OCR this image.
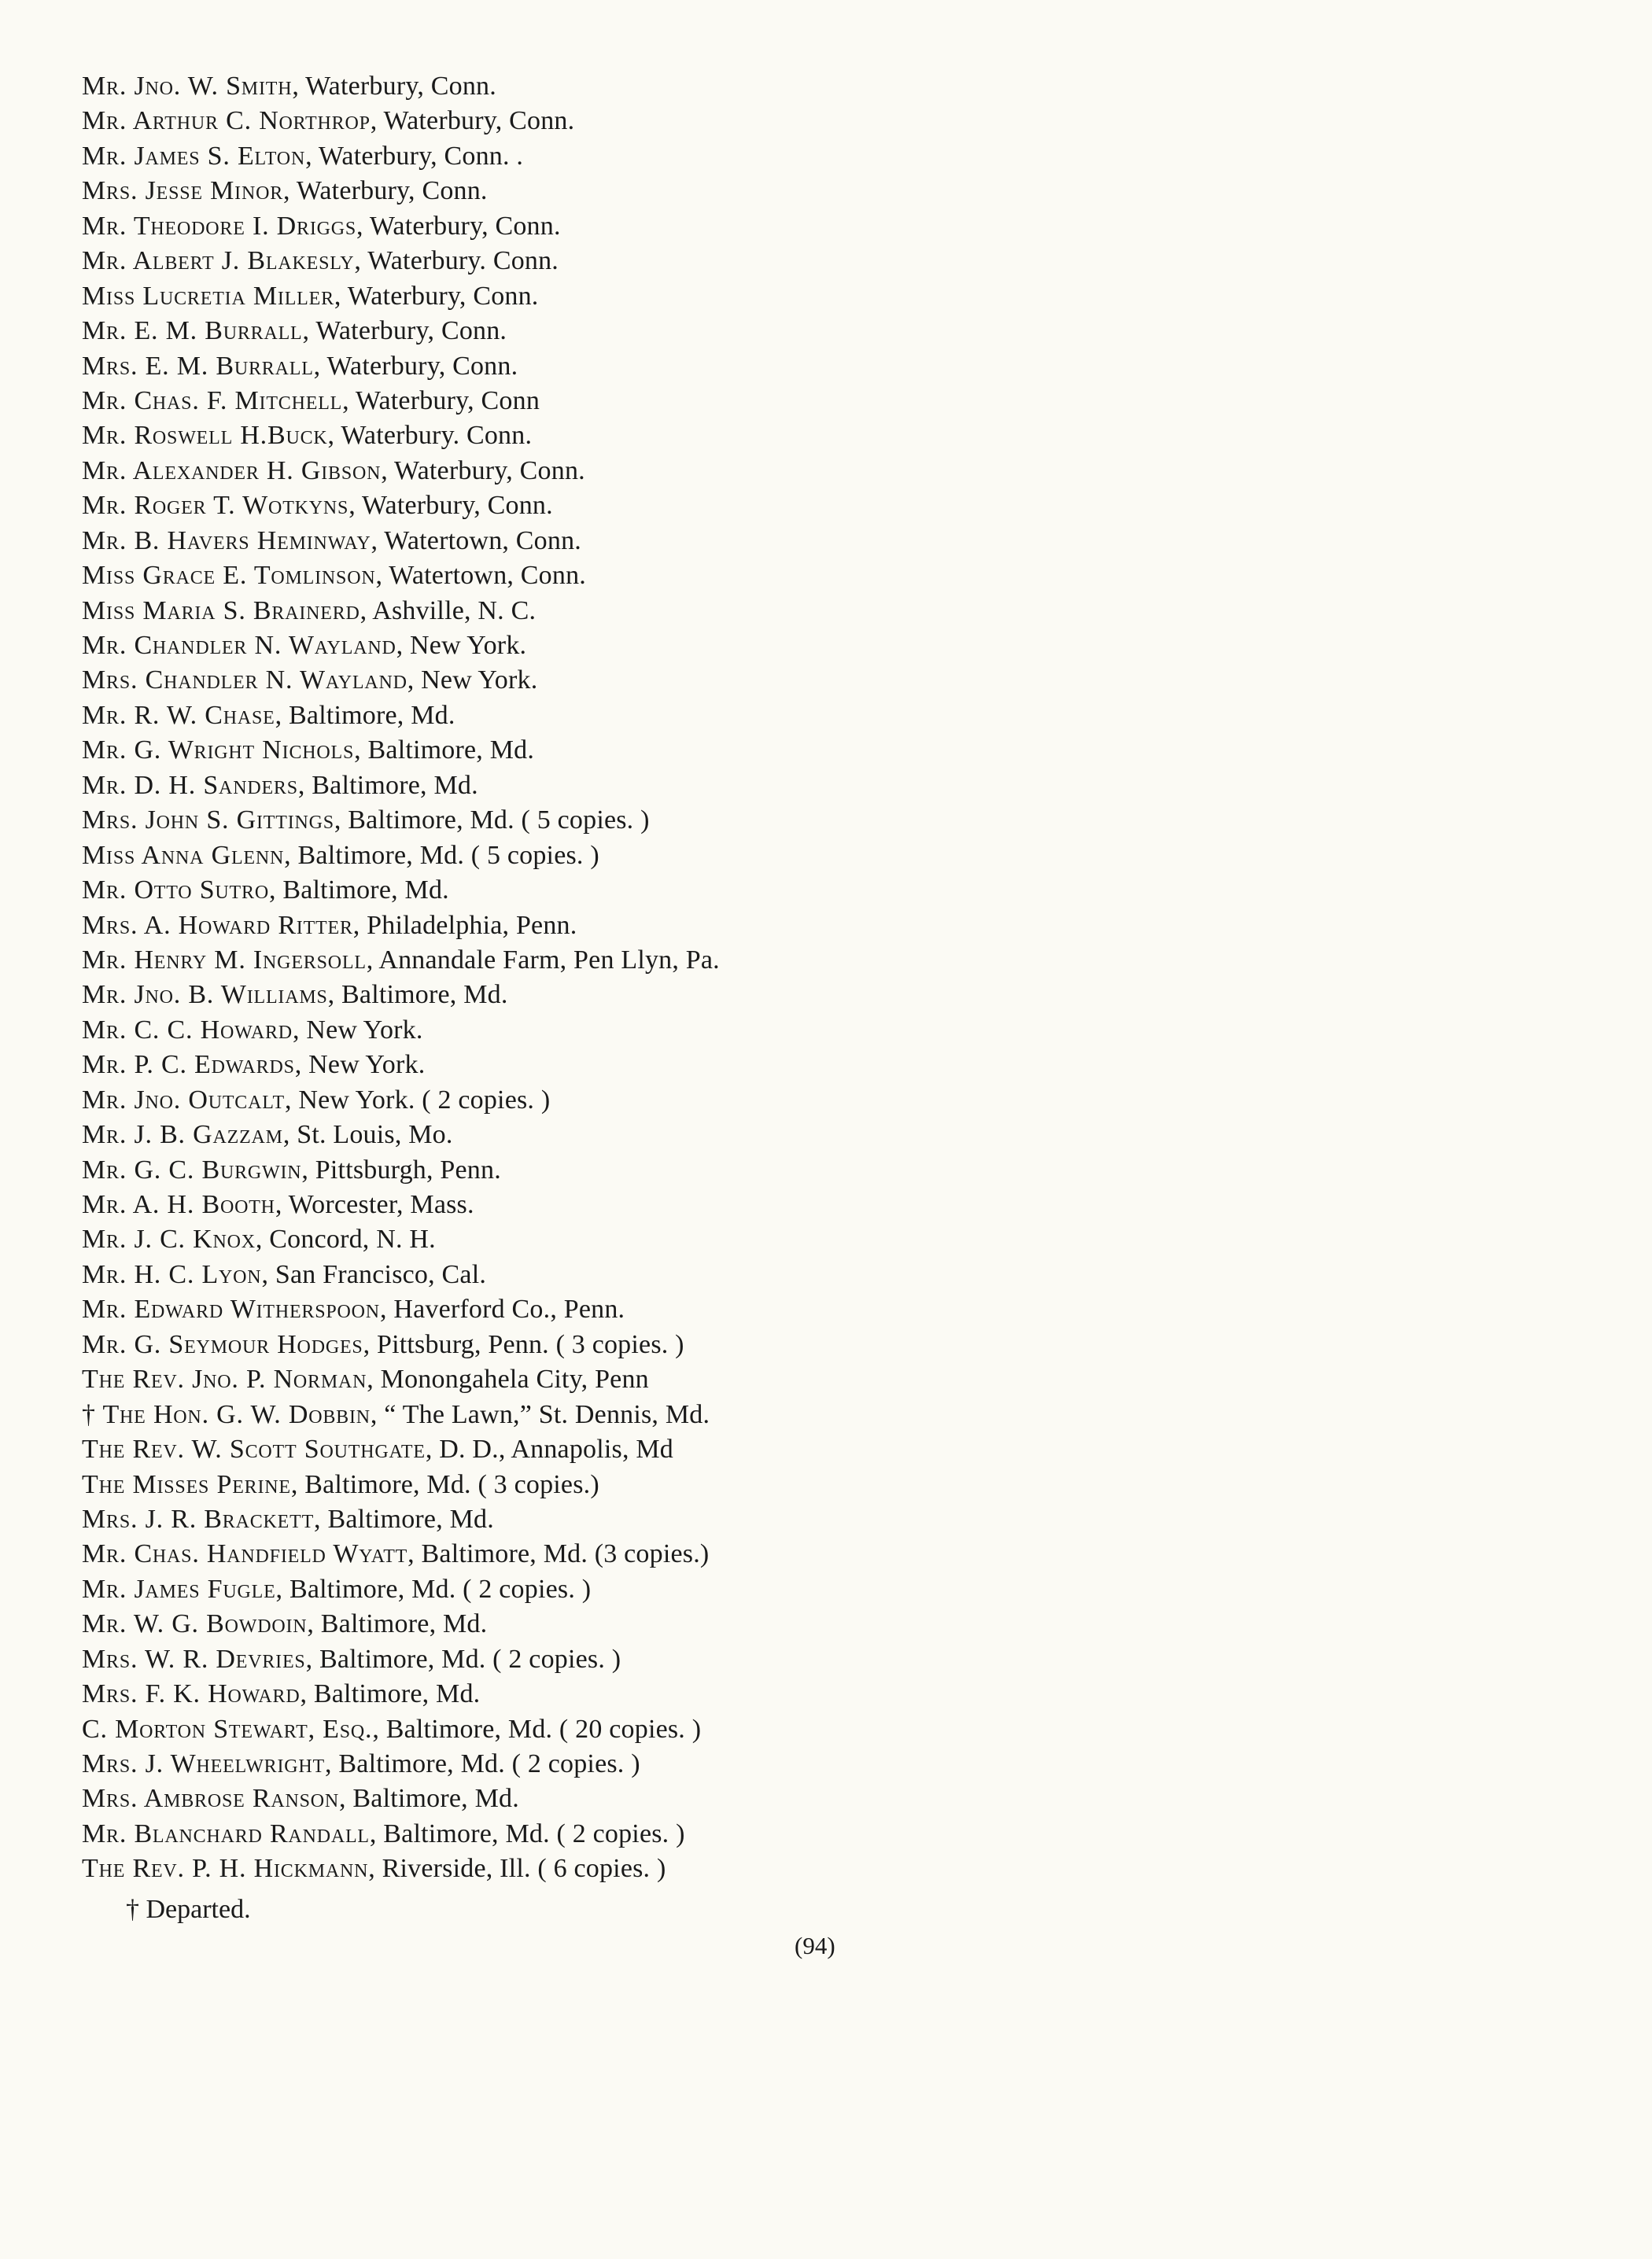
Mr. Jno. W. Smith, Waterbury, Conn.
Mr. Arthur C. Northrop, Waterbury, Conn.
Mr. James S. Elton, Waterbury, Conn. .
Mrs. Jesse Minor, Waterbury, Conn.
Mr. Theodore I. Driggs, Waterbury, Conn.
Mr. Albert J. Blakesly, Waterbury. Conn.
Miss Lucretia Miller, Waterbury, Conn.
Mr. E. M. Burrall, Waterbury, Conn.
Mrs. E. M. Burrall, Waterbury, Conn.
Mr. Chas. F. Mitchell, Waterbury, Conn
Mr. Roswell H.Buck, Waterbury. Conn.
Mr. Alexander H. Gibson, Waterbury, Conn.
Mr. Roger T. Wotkyns, Waterbury, Conn.
Mr. B. Havers Heminway, Watertown, Conn.
Miss Grace E. Tomlinson, Watertown, Conn.
Miss Maria S. Brainerd, Ashville, N. C.
Mr. Chandler N. Wayland, New York.
Mrs. Chandler N. Wayland, New York.
Mr. R. W. Chase, Baltimore, Md.
Mr. G. Wright Nichols, Baltimore, Md.
Mr. D. H. Sanders, Baltimore, Md.
Mrs. John S. Gittings, Baltimore, Md. ( 5 copies. )
Miss Anna Glenn, Baltimore, Md. ( 5 copies. )
Mr. Otto Sutro, Baltimore, Md.
Mrs. A. Howard Ritter, Philadelphia, Penn.
Mr. Henry M. Ingersoll, Annandale Farm, Pen Llyn, Pa.
Mr. Jno. B. Williams, Baltimore, Md.
Mr. C. C. Howard, New York.
Mr. P. C. Edwards, New York.
Mr. Jno. Outcalt, New York. ( 2 copies. )
Mr. J. B. Gazzam, St. Louis, Mo.
Mr. G. C. Burgwin, Pittsburgh, Penn.
Mr. A. H. Booth, Worcester, Mass.
Mr. J. C. Knox, Concord, N. H.
Mr. H. C. Lyon, San Francisco, Cal.
Mr. Edward Witherspoon, Haverford Co., Penn.
Mr. G. Seymour Hodges, Pittsburg, Penn. ( 3 copies. )
The Rev. Jno. P. Norman, Monongahela City, Penn
† The Hon. G. W. Dobbin, “ The Lawn,” St. Dennis, Md.
The Rev. W. Scott Southgate, D. D., Annapolis, Md
The Misses Perine, Baltimore, Md. ( 3 copies.)
Mrs. J. R. Brackett, Baltimore, Md.
Mr. Chas. Handfield Wyatt, Baltimore, Md. (3 copies.)
Mr. James Fugle, Baltimore, Md. ( 2 copies. )
Mr. W. G. Bowdoin, Baltimore, Md.
Mrs. W. R. Devries, Baltimore, Md. ( 2 copies. )
Mrs. F. K. Howard, Baltimore, Md.
C. Morton Stewart, Esq., Baltimore, Md. ( 20 copies. )
Mrs. J. Wheelwright, Baltimore, Md. ( 2 copies. )
Mrs. Ambrose Ranson, Baltimore, Md.
Mr. Blanchard Randall, Baltimore, Md. ( 2 copies. )
The Rev. P. H. Hickmann, Riverside, Ill. ( 6 copies. )
† Departed.
(94)
